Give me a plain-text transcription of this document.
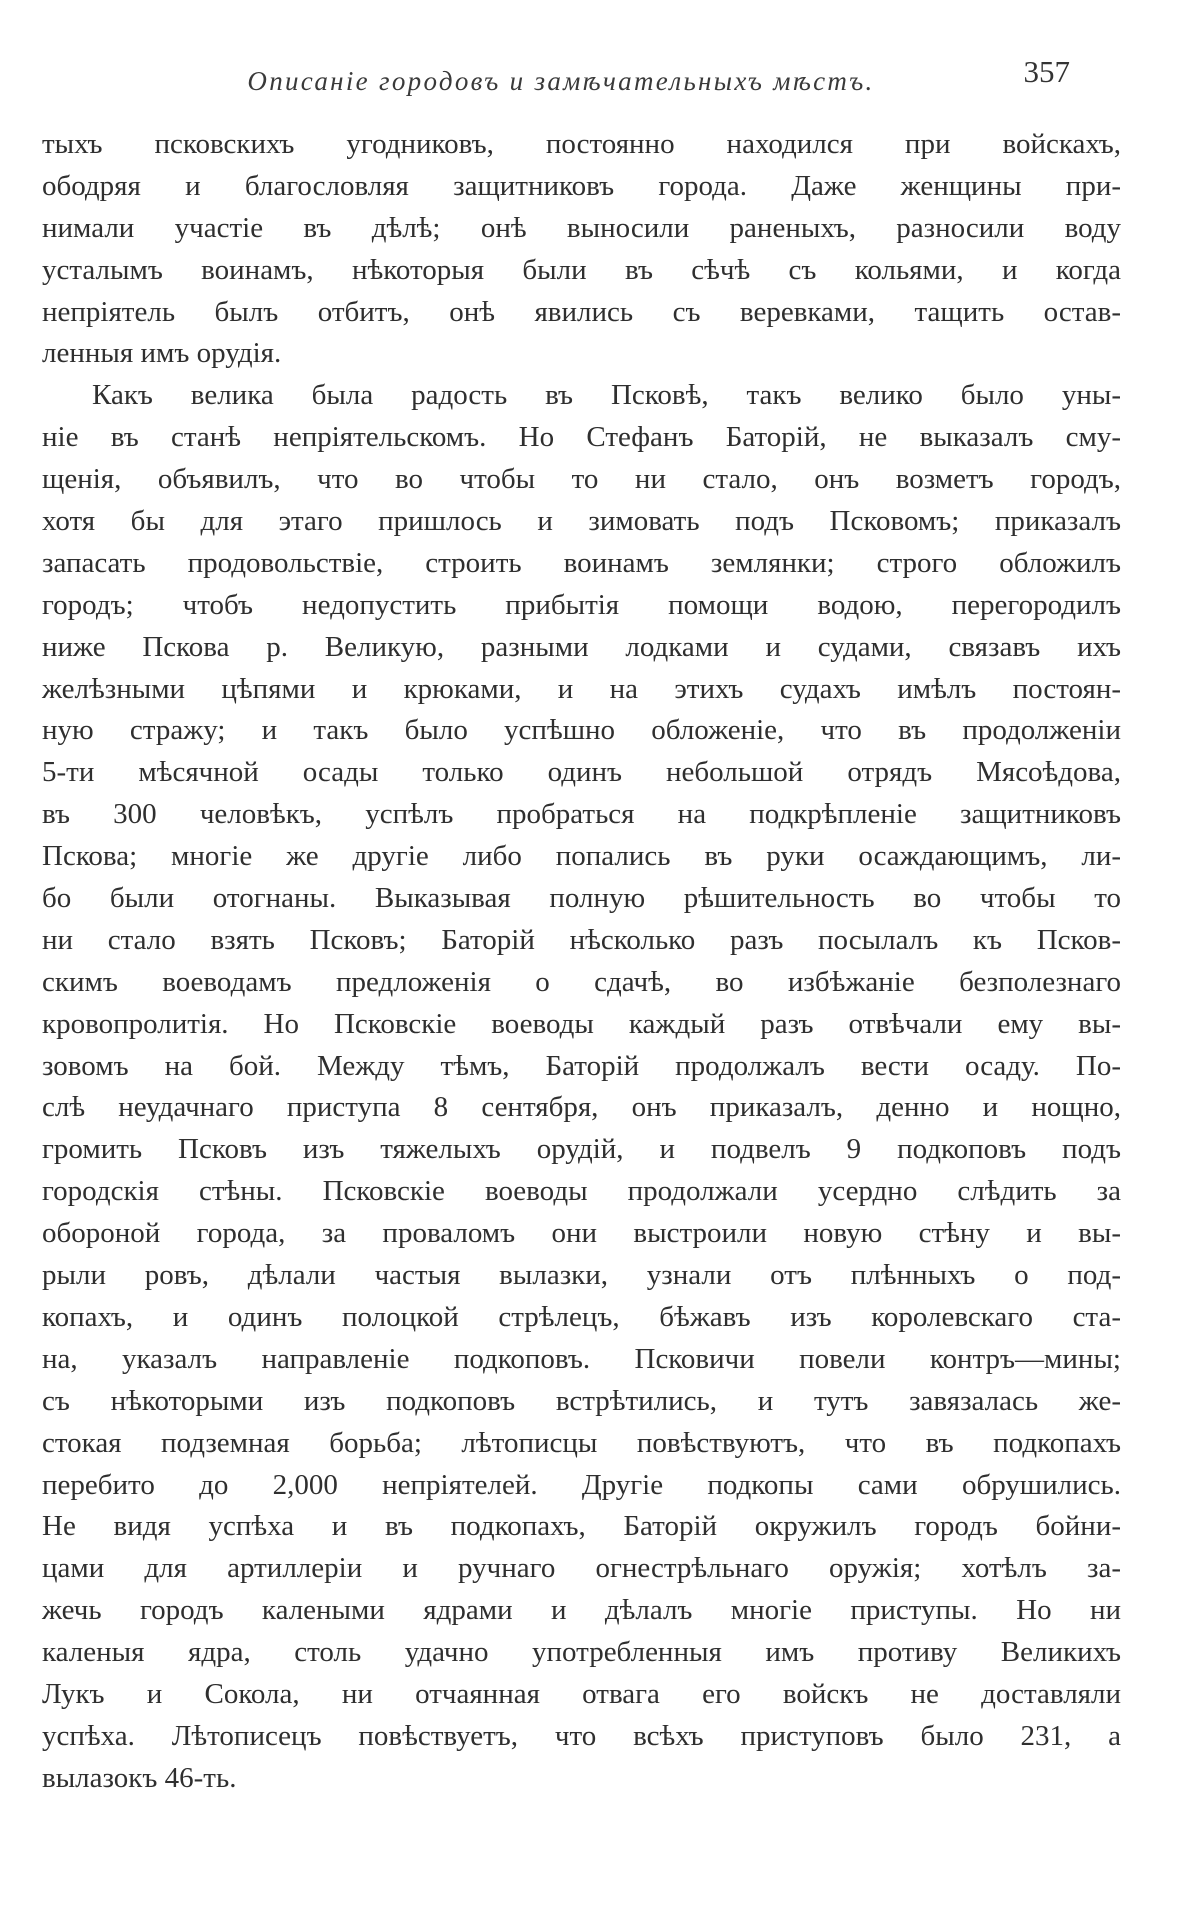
Описаніе городовъ и замѣчательныхъ мѣстъ.	357
тыхъ псковскихъ угодниковъ, постоянно находился при войскахъ,
ободряя и благословляя защитниковъ города. Даже женщины при-
нимали участіе въ дѣлѣ; онѣ выносили раненыхъ, разносили воду
усталымъ воинамъ, нѣкоторыя были въ сѣчѣ съ кольями, и когда
непріятель былъ отбитъ, онѣ явились съ веревками, тащить остав-
ленныя имъ орудія.
Какъ велика была радость въ Псковѣ, такъ велико было уны-
ніе въ станѣ непріятельскомъ. Но Стефанъ Баторій, не выказалъ сму-
щенія, объявилъ, что во чтобы то ни стало, онъ возметъ городъ,
хотя бы для этаго пришлось и зимовать подъ Псковомъ; приказалъ
запасать продовольствіе, строить воинамъ землянки; строго обложилъ
городъ; чтобъ недопустить прибытія помощи водою, перегородилъ
ниже Пскова р. Великую, разными лодками и судами, связавъ ихъ
желѣзными цѣпями и крюками, и на этихъ судахъ имѣлъ постоян-
ную стражу; и такъ было успѣшно обложеніе, что въ продолженіи
5-ти мѣсячной осады только одинъ небольшой отрядъ Мясоѣдова,
въ 300 человѣкъ, успѣлъ пробраться на подкрѣпленіе защитниковъ
Пскова; многіе же другіе либо попались въ руки осаждающимъ, ли-
бо были отогнаны. Выказывая полную рѣшительность во чтобы то
ни стало взять Псковъ; Баторій нѣсколько разъ посылалъ къ Псков-
скимъ воеводамъ предложенія о сдачѣ, во избѣжаніе безполезнаго
кровопролитія. Но Псковскіе воеводы каждый разъ отвѣчали ему вы-
зовомъ на бой. Между тѣмъ, Баторій продолжалъ вести осаду. По-
слѣ неудачнаго приступа 8 сентября, онъ приказалъ, денно и нощно,
громить Псковъ изъ тяжелыхъ орудій, и подвелъ 9 подкоповъ подъ
городскія стѣны. Псковскіе воеводы продолжали усердно слѣдить за
обороной города, за проваломъ они выстроили новую стѣну и вы-
рыли ровъ, дѣлали частыя вылазки, узнали отъ плѣнныхъ о под-
копахъ, и одинъ полоцкой стрѣлецъ, бѣжавъ изъ королевскаго ста-
на, указалъ направленіе подкоповъ. Псковичи повели контръ—мины;
съ нѣкоторыми изъ подкоповъ встрѣтились, и тутъ завязалась же-
стокая подземная борьба; лѣтописцы повѣствуютъ, что въ подкопахъ
перебито до 2,000 непріятелей. Другіе подкопы сами обрушились.
Не видя успѣха и въ подкопахъ, Баторій окружилъ городъ бойни-
цами для артиллеріи и ручнаго огнестрѣльнаго оружія; хотѣлъ за-
жечь городъ калеными ядрами и дѣлалъ многіе приступы. Но ни
каленыя ядра, столь удачно употребленныя имъ противу Великихъ
Лукъ и Сокола, ни отчаянная отвага его войскъ не доставляли
успѣха. Лѣтописецъ повѣствуетъ, что всѣхъ приступовъ было 231, а
вылазокъ 46-ть.
